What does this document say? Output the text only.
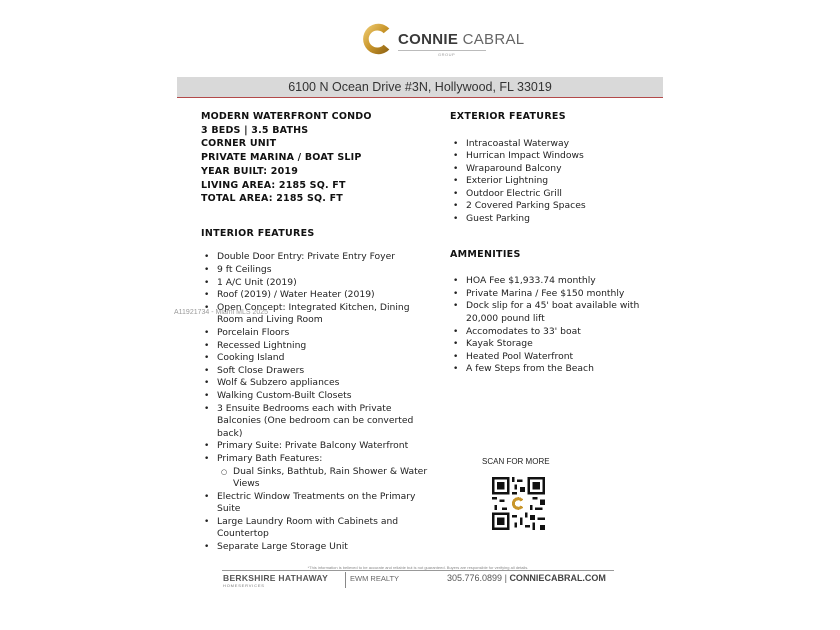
CONNIE CABRAL
GROUP
6100 N Ocean Drive #3N, Hollywood, FL 33019
MODERN WATERFRONT CONDO
3 BEDS | 3.5 BATHS
CORNER UNIT
PRIVATE MARINA / BOAT SLIP
YEAR BUILT: 2019
LIVING AREA: 2185 SQ. FT
TOTAL AREA: 2185 SQ. FT
INTERIOR FEATURES
• Double Door Entry: Private Entry Foyer
• 9 ft Ceilings
• 1 A/C Unit (2019)
• Roof (2019) / Water Heater (2019)
• Open Concept: Integrated Kitchen, Dining Room and Living Room
• Porcelain Floors
• Recessed Lightning
• Cooking Island
• Soft Close Drawers
• Wolf & Subzero appliances
• Walking Custom-Built Closets
• 3 Ensuite Bedrooms each with Private Balconies (One bedroom can be converted back)
• Primary Suite: Private Balcony Waterfront
• Primary Bath Features:
○ Dual Sinks, Bathtub, Rain Shower & Water Views
• Electric Window Treatments on the Primary Suite
• Large Laundry Room with Cabinets and Countertop
• Separate Large Storage Unit
EXTERIOR FEATURES
• Intracoastal Waterway
• Hurrican Impact Windows
• Wraparound Balcony
• Exterior Lightning
• Outdoor Electric Grill
• 2 Covered Parking Spaces
• Guest Parking
AMMENITIES
• HOA Fee $1,933.74 monthly
• Private Marina / Fee $150 monthly
• Dock slip for a 45' boat available with 20,000 pound lift
• Accomodates to 33' boat
• Kayak Storage
• Heated Pool Waterfront
• A few Steps from the Beach
A11921734 - Miami MLS 2025
SCAN FOR MORE
*This information is believed to be accurate and reliable but is not guaranteed. Buyers are responsible for verifying all details.
BERKSHIRE HATHAWAY
HOMESERVICES
EWM REALTY	305.776.0899 | CONNIECABRAL.COM
